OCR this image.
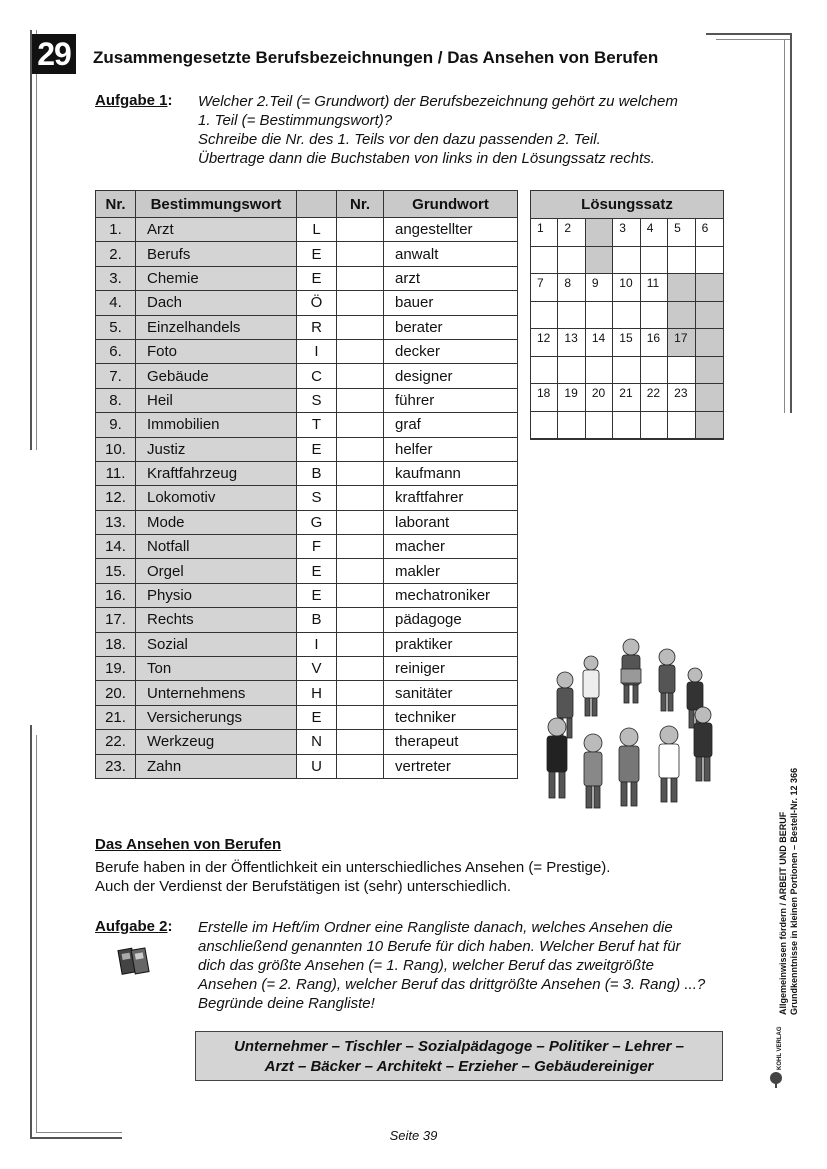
29	Zusammengesetzte Berufsbezeichnungen / Das Ansehen von Berufen
Aufgabe 1: Welcher 2.Teil (= Grundwort) der Berufsbezeichnung gehört zu welchem
1. Teil (= Bestimmungswort)?
Schreibe die Nr. des 1. Teils vor den dazu passenden 2. Teil.
Übertrage dann die Buchstaben von links in den Lösungssatz rechts.
Nr.	Bestimmungswort		Nr.	Grundwort
1.	Arzt	L		angestellter
2.	Berufs	E		anwalt
3.	Chemie	E		arzt
4.	Dach	Ö		bauer
5.	Einzelhandels	R		berater
6.	Foto	I		decker
7.	Gebäude	C		designer
8.	Heil	S		führer
9.	Immobilien	T		graf
10.	Justiz	E		helfer
11.	Kraftfahrzeug	B		kaufmann
12.	Lokomotiv	S		kraftfahrer
13.	Mode	G		laborant
14.	Notfall	F		macher
15.	Orgel	E		makler
16.	Physio	E		mechatroniker
17.	Rechts	B		pädagoge
18.	Sozial	I		praktiker
19.	Ton	V		reiniger
20.	Unternehmens	H		sanitäter
21.	Versicherungs	E		techniker
22.	Werkzeug	N		therapeut
23.	Zahn	U		vertreter
Lösungssatz
1	2	3	4	5	6
7	8	9	10	11
12	13	14	15	16	17
18	19	20	21	22	23
Das Ansehen von Berufen
Berufe haben in der Öffentlichkeit ein unterschiedliches Ansehen (= Prestige).
Auch der Verdienst der Berufstätigen ist (sehr) unterschiedlich.
Aufgabe 2: Erstelle im Heft/im Ordner eine Rangliste danach, welches Ansehen die
anschließend genannten 10 Berufe für dich haben. Welcher Beruf hat für
dich das größte Ansehen (= 1. Rang), welcher Beruf das zweitgrößte
Ansehen (= 2. Rang), welcher Beruf das drittgrößte Ansehen (= 3. Rang) ...?
Begründe deine Rangliste!
Unternehmer – Tischler – Sozialpädagoge – Politiker – Lehrer –
Arzt – Bäcker – Architekt – Erzieher – Gebäudereiniger
Allgemeinwissen fördern / ARBEIT UND BERUF Grundkenntnisse in kleinen Portionen – Bestell-Nr. 12 366
KOHL VERLAG
Seite 39
